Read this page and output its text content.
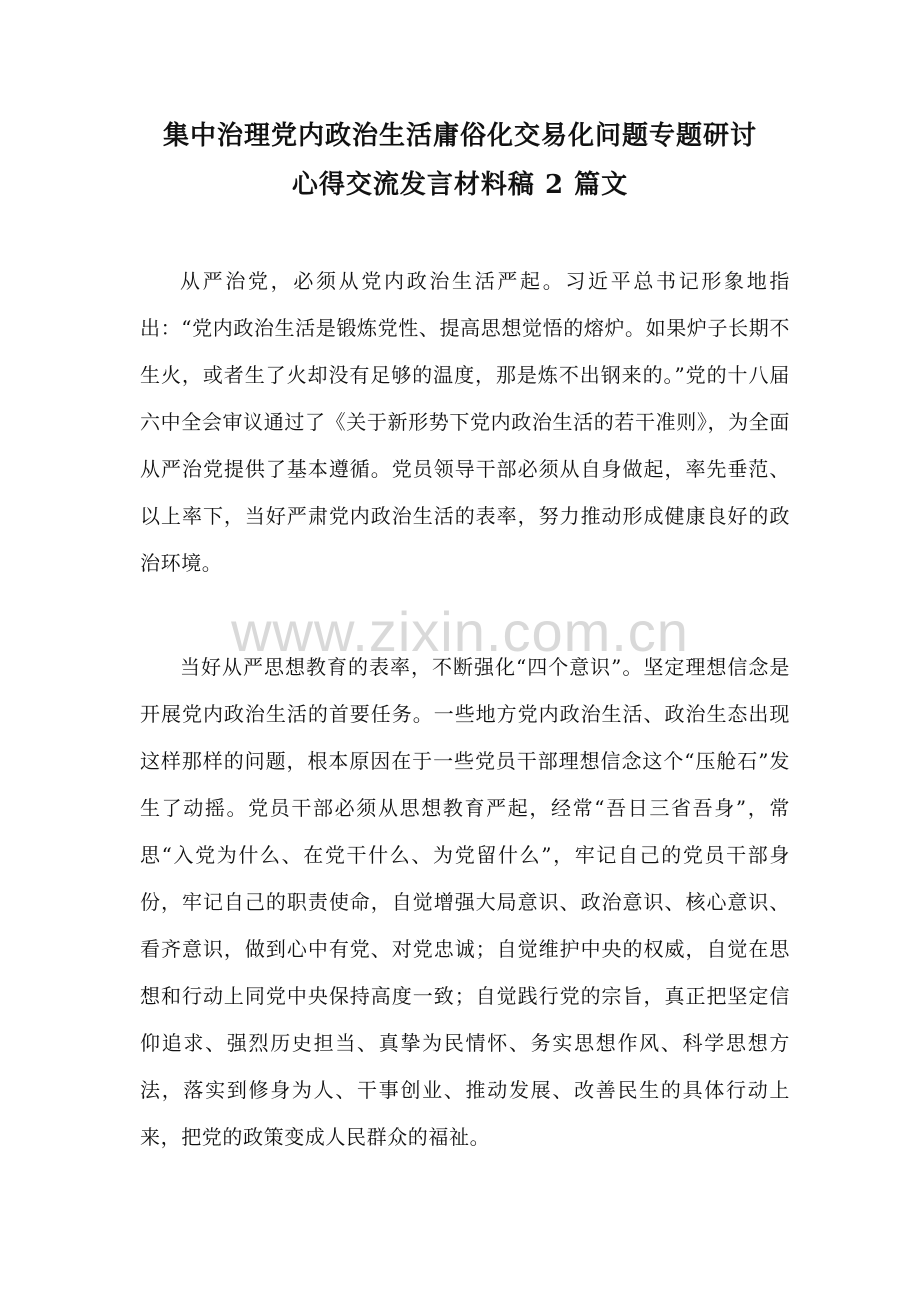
集中治理党内政治生活庸俗化交易化问题专题研讨
心得交流发言材料稿 2 篇文
从严治党，必须从党内政治生活严起。习近平总书记形象地指出：“党内政治生活是锻炼党性、提高思想觉悟的熔炉。如果炉子长期不生火，或者生了火却没有足够的温度，那是炼不出钢来的。”党的十八届六中全会审议通过了《关于新形势下党内政治生活的若干准则》，为全面从严治党提供了基本遵循。党员领导干部必须从自身做起，率先垂范、以上率下，当好严肃党内政治生活的表率，努力推动形成健康良好的政治环境。
www.zixin.com.cn
当好从严思想教育的表率，不断强化“四个意识”。坚定理想信念是开展党内政治生活的首要任务。一些地方党内政治生活、政治生态出现这样那样的问题，根本原因在于一些党员干部理想信念这个“压舱石”发生了动摇。党员干部必须从思想教育严起，经常“吾日三省吾身”，常思“入党为什么、在党干什么、为党留什么”，牢记自己的党员干部身份，牢记自己的职责使命，自觉增强大局意识、政治意识、核心意识、看齐意识，做到心中有党、对党忠诚；自觉维护中央的权威，自觉在思想和行动上同党中央保持高度一致；自觉践行党的宗旨，真正把坚定信仰追求、强烈历史担当、真挚为民情怀、务实思想作风、科学思想方法，落实到修身为人、干事创业、推动发展、改善民生的具体行动上来，把党的政策变成人民群众的福祉。
